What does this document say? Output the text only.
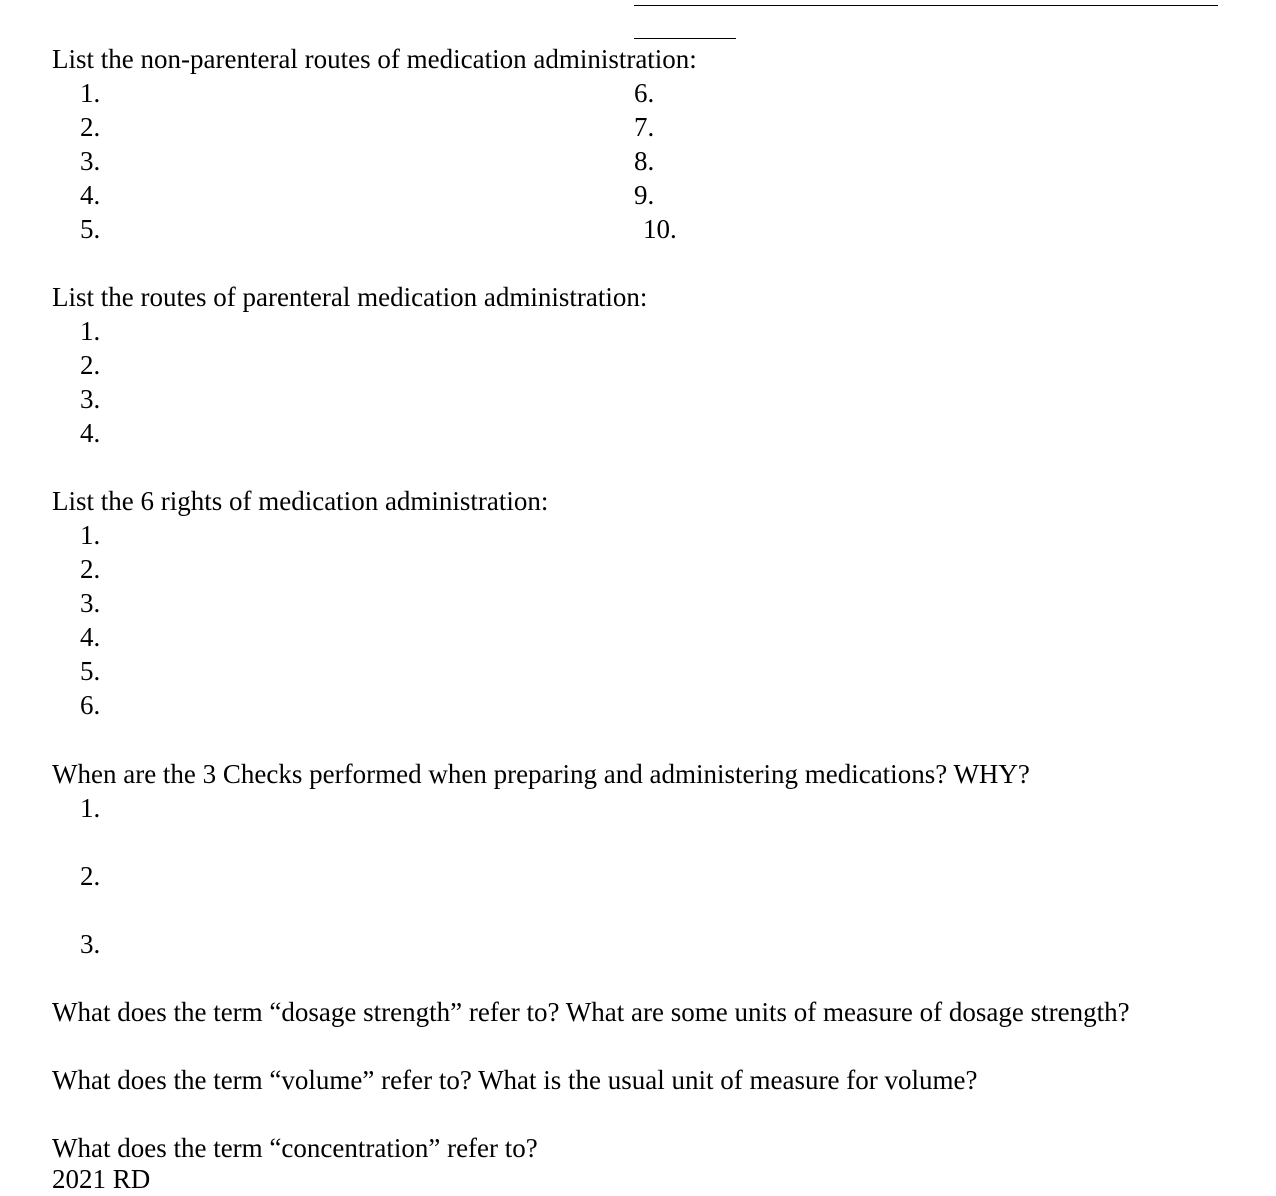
List the non-parenteral routes of medication administration:
1.
2.
3.
4.
5.
6.
7.
8.
9.
10.
List the routes of parenteral medication administration:
1.
2.
3.
4.
List the 6 rights of medication administration:
1.
2.
3.
4.
5.
6.
When are the 3 Checks performed when preparing and administering medications? WHY?
1.
2.
3.
What does the term “dosage strength” refer to? What are some units of measure of dosage strength?
What does the term “volume” refer to? What is the usual unit of measure for volume?
What does the term “concentration” refer to?
2021 RD
